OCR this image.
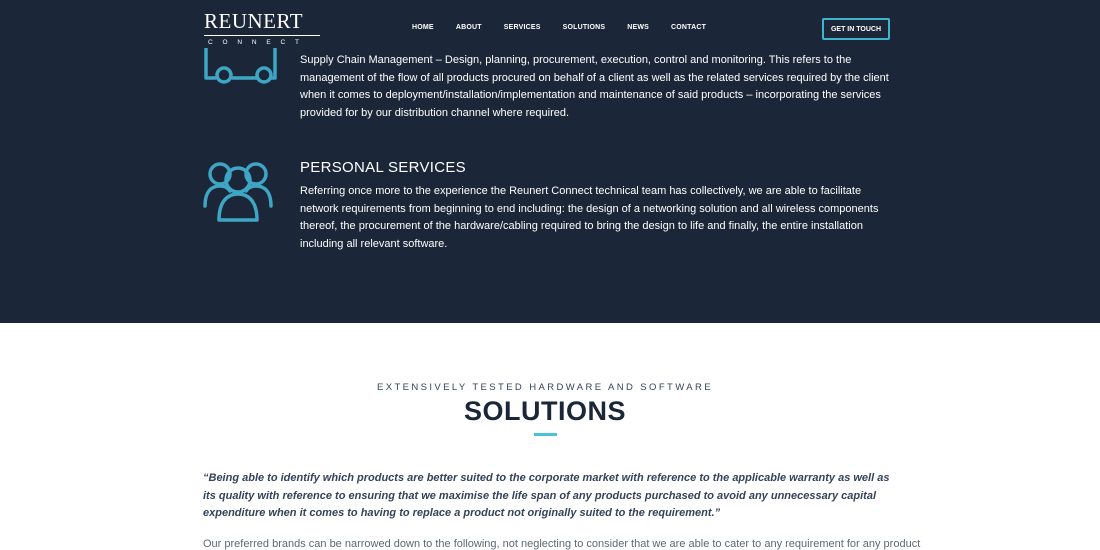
REUNERT
CONNECT
HOME	ABOUT	SERVICES	SOLUTIONS	NEWS	CONTACT	GET IN TOUCH

Supply Chain Management – Design, planning, procurement, execution, control and monitoring. This refers to the management of the flow of all products procured on behalf of a client as well as the related services required by the client when it comes to deployment/installation/implementation and maintenance of said products – incorporating the services provided for by our distribution channel where required.

PERSONAL SERVICES

Referring once more to the experience the Reunert Connect technical team has collectively, we are able to facilitate network requirements from beginning to end including: the design of a networking solution and all wireless components thereof, the procurement of the hardware/cabling required to bring the design to life and finally, the entire installation including all relevant software.

EXTENSIVELY TESTED HARDWARE AND SOFTWARE
SOLUTIONS

“Being able to identify which products are better suited to the corporate market with reference to the applicable warranty as well as its quality with reference to ensuring that we maximise the life span of any products purchased to avoid any unnecessary capital expenditure when it comes to having to replace a product not originally suited to the requirement.”

Our preferred brands can be narrowed down to the following, not neglecting to consider that we are able to cater to any requirement for any product
